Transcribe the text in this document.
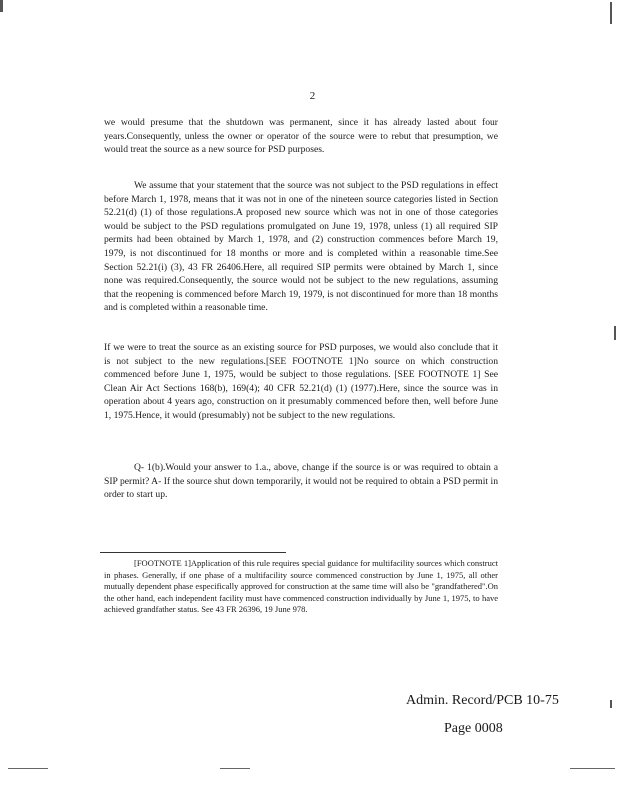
2

we would presume that the shutdown was permanent, since it has already lasted about four years.Consequently, unless the owner or operator of the source were to rebut that presumption, we would treat the source as a new source for PSD purposes.

We assume that your statement that the source was not subject to the PSD regulations in effect before March 1, 1978, means that it was not in one of the nineteen source categories listed in Section 52.21(d) (1) of those regulations.A proposed new source which was not in one of those categories would be subject to the PSD regulations promulgated on June 19, 1978, unless (1) all required SIP permits had been obtained by March 1, 1978, and (2) construction commences before March 19, 1979, is not discontinued for 18 months or more and is completed within a reasonable time.See Section 52.21(i) (3), 43 FR 26406.Here, all required SIP permits were obtained by March 1, since none was required.Consequently, the source would not be subject to the new regulations, assuming that the reopening is commenced before March 19, 1979, is not discontinued for more than 18 months and is completed within a reasonable time.

If we were to treat the source as an existing source for PSD purposes, we would also conclude that it is not subject to the new regulations.[SEE FOOTNOTE 1]No source on which construction commenced before June 1, 1975, would be subject to those regulations. [SEE FOOTNOTE 1] See Clean Air Act Sections 168(b), 169(4); 40 CFR 52.21(d) (1) (1977).Here, since the source was in operation about 4 years ago, construction on it presumably commenced before then, well before June 1, 1975.Hence, it would (presumably) not be subject to the new regulations.

Q- 1(b).Would your answer to 1.a., above, change if the source is or was required to obtain a SIP permit? A- If the source shut down temporarily, it would not be required to obtain a PSD permit in order to start up.

[FOOTNOTE 1]Application of this rule requires special guidance for multifacility sources which construct in phases. Generally, if one phase of a multifacility source commenced construction by June 1, 1975, all other mutually dependent phase especifically approved for construction at the same time will also be "grandfathered".On the other hand, each independent facility must have commenced construction individually by June 1, 1975, to have achieved grandfather status. See 43 FR 26396, 19 June 978.

Admin. Record/PCB 10-75
Page 0008
